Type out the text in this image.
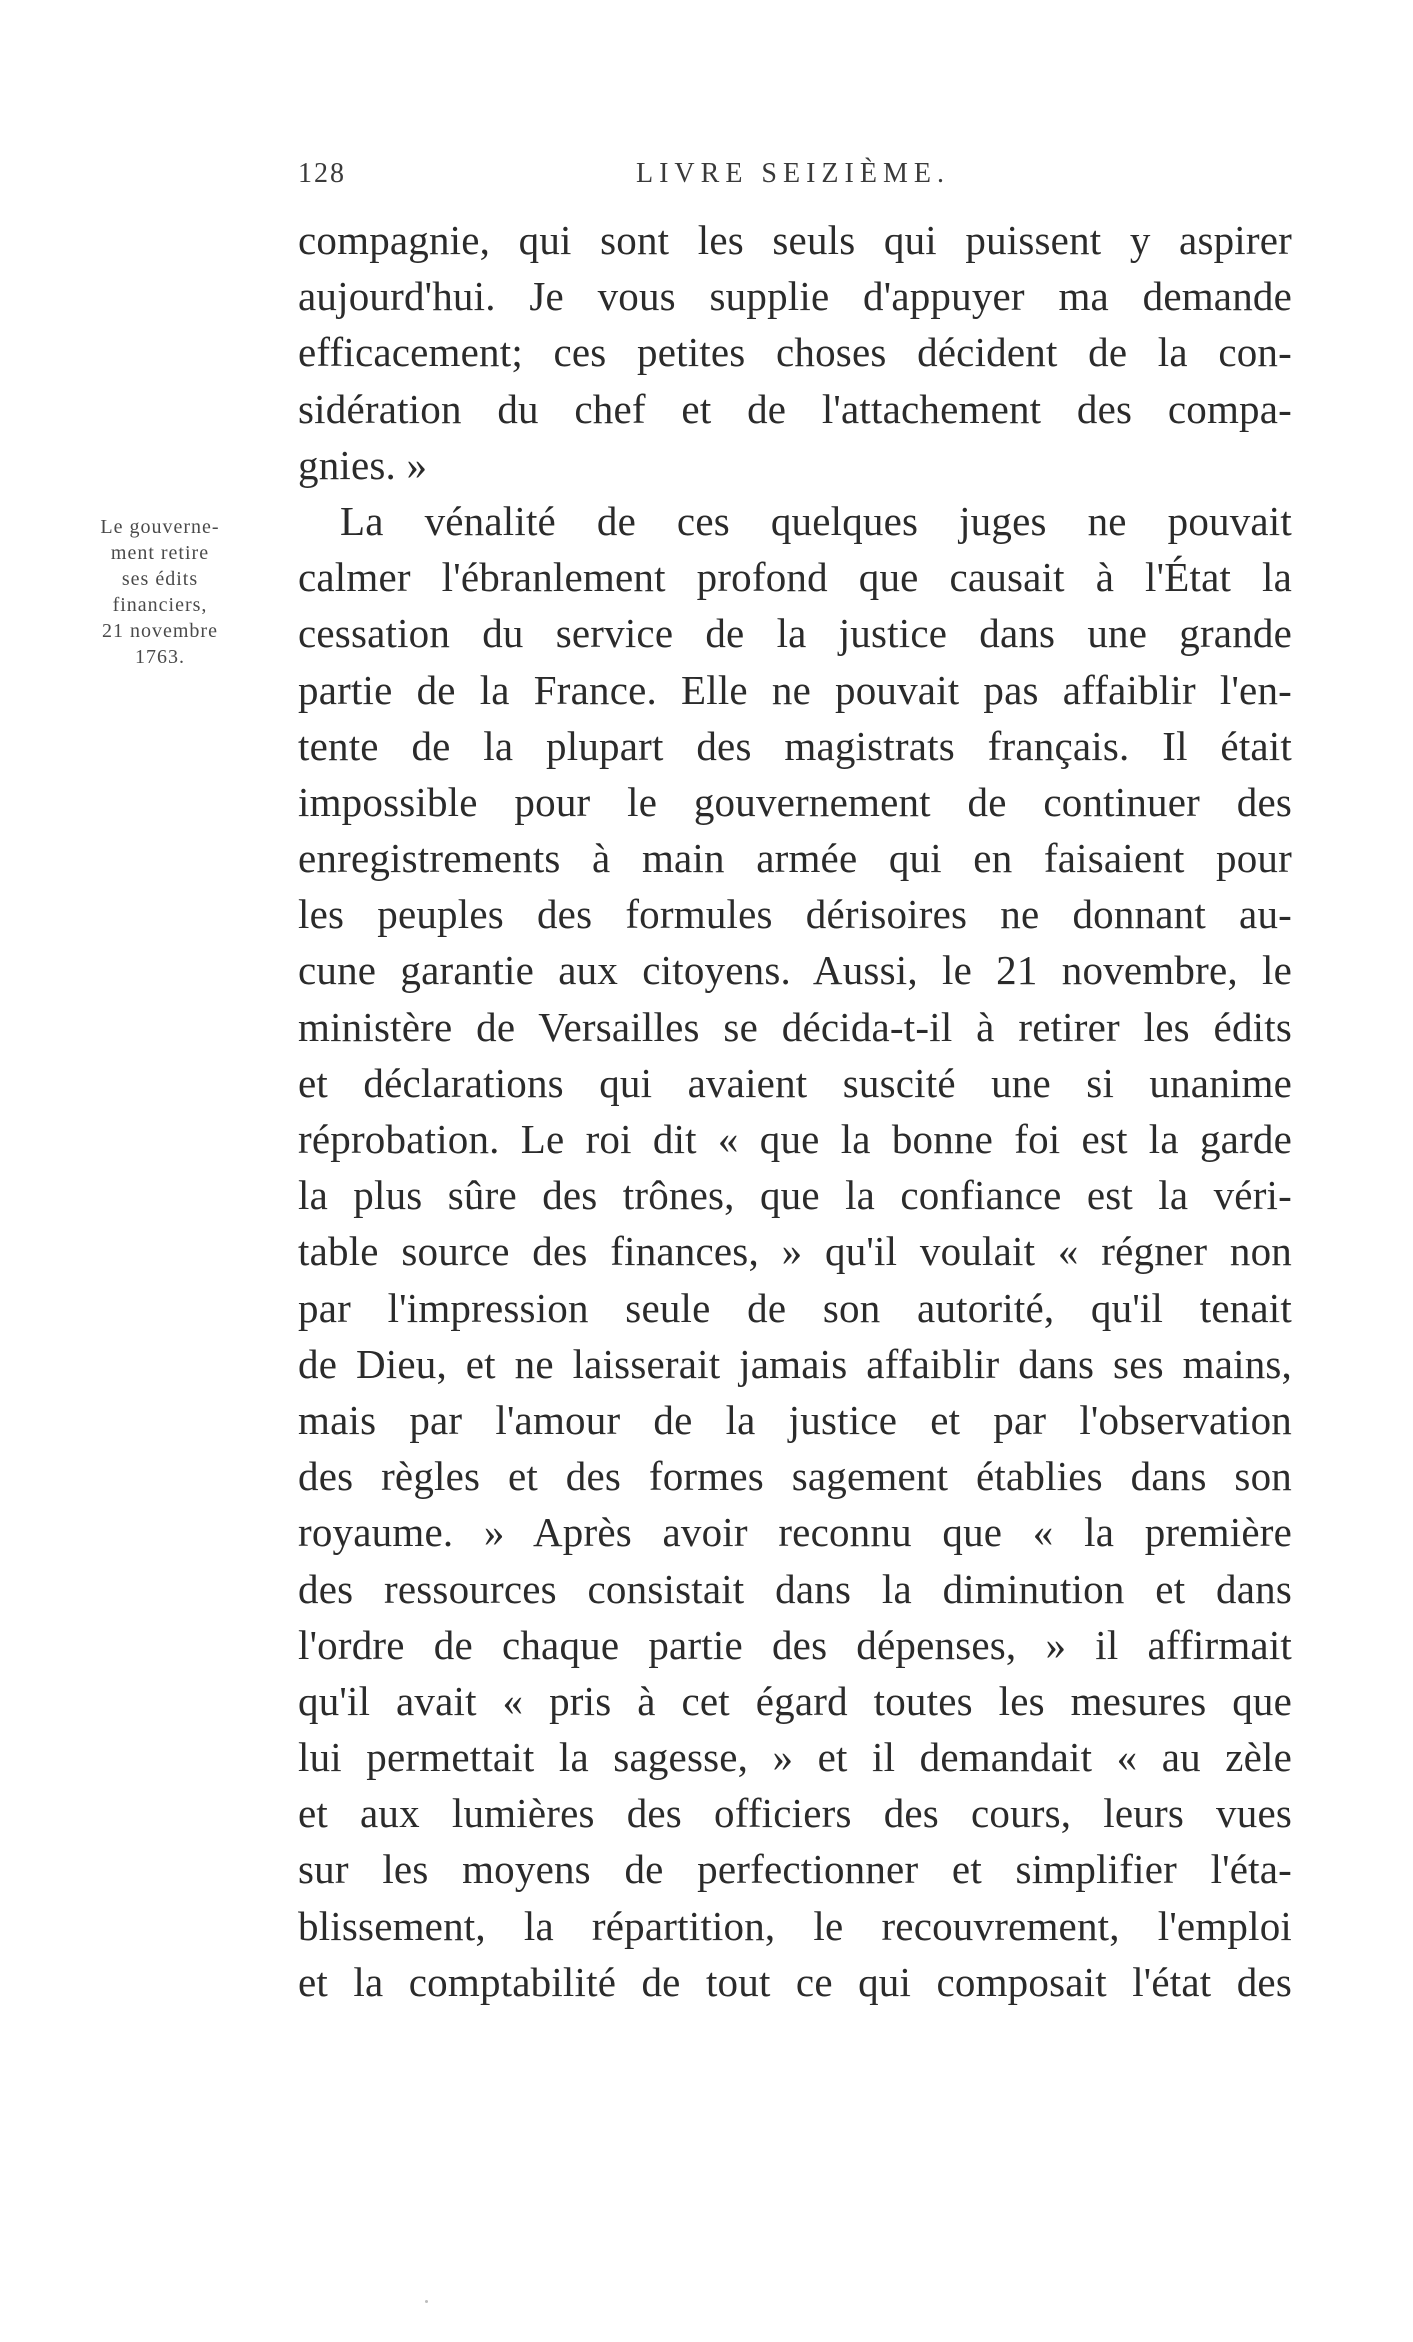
128	LIVRE SEIZIÈME.
Le gouverne-
ment retire
ses édits
financiers,
21 novembre
1763.
compagnie, qui sont les seuls qui puissent y aspirer
aujourd'hui. Je vous supplie d'appuyer ma demande
efficacement; ces petites choses décident de la con-
sidération du chef et de l'attachement des compa-
gnies. »
La vénalité de ces quelques juges ne pouvait
calmer l'ébranlement profond que causait à l'État la
cessation du service de la justice dans une grande
partie de la France. Elle ne pouvait pas affaiblir l'en-
tente de la plupart des magistrats français. Il était
impossible pour le gouvernement de continuer des
enregistrements à main armée qui en faisaient pour
les peuples des formules dérisoires ne donnant au-
cune garantie aux citoyens. Aussi, le 21 novembre, le
ministère de Versailles se décida-t-il à retirer les édits
et déclarations qui avaient suscité une si unanime
réprobation. Le roi dit « que la bonne foi est la garde
la plus sûre des trônes, que la confiance est la véri-
table source des finances, » qu'il voulait « régner non
par l'impression seule de son autorité, qu'il tenait
de Dieu, et ne laisserait jamais affaiblir dans ses mains,
mais par l'amour de la justice et par l'observation
des règles et des formes sagement établies dans son
royaume. » Après avoir reconnu que « la première
des ressources consistait dans la diminution et dans
l'ordre de chaque partie des dépenses, » il affirmait
qu'il avait « pris à cet égard toutes les mesures que
lui permettait la sagesse, » et il demandait « au zèle
et aux lumières des officiers des cours, leurs vues
sur les moyens de perfectionner et simplifier l'éta-
blissement, la répartition, le recouvrement, l'emploi
et la comptabilité de tout ce qui composait l'état des
